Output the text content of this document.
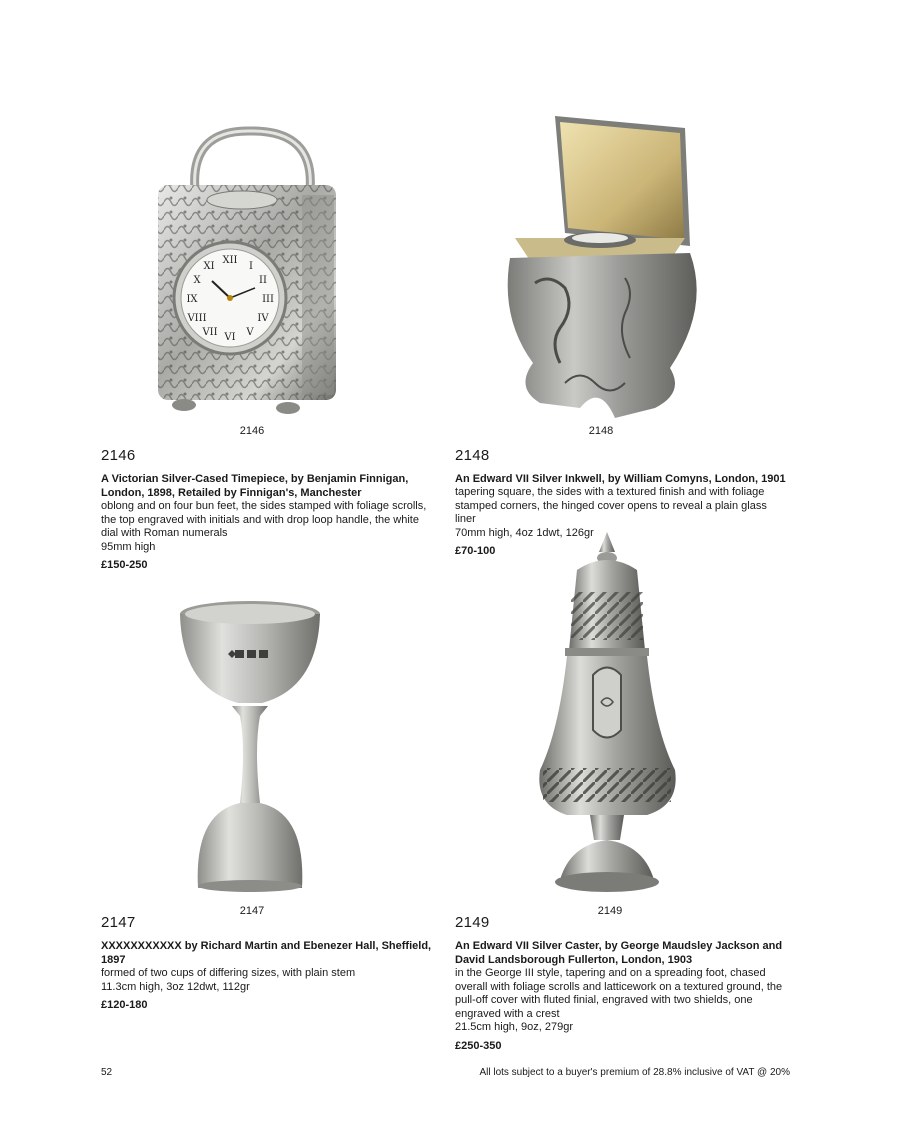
XII
I
II
III
IV
V
VI
VII
VIII
IX
X
XI
2146	2148
2147	2149
2146
A Victorian Silver-Cased Timepiece, by Benjamin Finnigan, London, 1898, Retailed by Finnigan's, Manchester
oblong and on four bun feet, the sides stamped with foliage scrolls, the top engraved with initials and with drop loop handle, the white dial with Roman numerals
95mm high
£150-250
2148
An Edward VII Silver Inkwell, by William Comyns, London, 1901
tapering square, the sides with a textured finish and with foliage stamped corners, the hinged cover opens to reveal a plain glass liner
70mm high, 4oz 1dwt, 126gr
£70-100
2147
XXXXXXXXXXX by Richard Martin and Ebenezer Hall, Sheffield, 1897
formed of two cups of differing sizes, with plain stem
11.3cm high, 3oz 12dwt, 112gr
£120-180
2149
An Edward VII Silver Caster, by George Maudsley Jackson and David Landsborough Fullerton, London, 1903
in the George III style, tapering and on a spreading foot, chased overall with foliage scrolls and latticework on a textured ground, the pull-off cover with fluted finial, engraved with two shields, one engraved with a crest
21.5cm high, 9oz, 279gr
£250-350
52	All lots subject to a buyer's premium of 28.8% inclusive of VAT @ 20%
